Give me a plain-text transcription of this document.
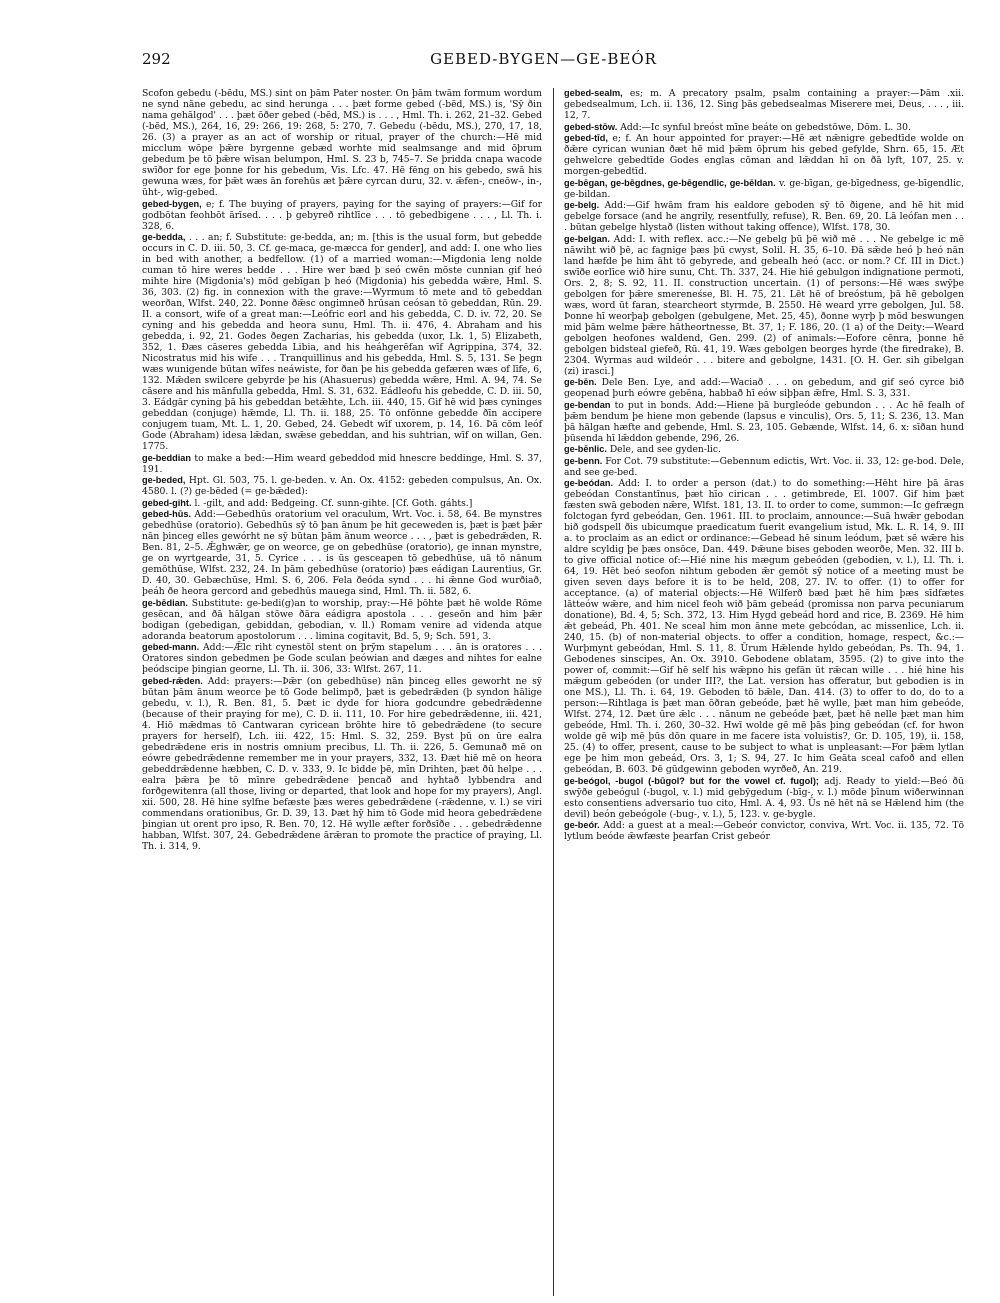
292	GEBED-BYGEN—GE-BEÓR

Scofon gebedu (-bēdu, MS.) sint on þām Pater noster. On þām twām formum wordum ne synd nāne gebedu, ac sind herunga . . . þæt forme gebed (-bēd, MS.) is, 'Sȳ ðin nama gehālgod' . . . þæt ōðer gebed (-bēd, MS.) is . . . , Hml. Th. i. 262, 21–32. Gebed (-bēd, MS.), 264, 16, 29: 266, 19: 268, 5: 270, 7. Gebedu (-bēdu, MS.), 270, 17, 18, 26. (3) a prayer as an act of worship or ritual, prayer of the church:—Hē mid micclum wōpe þǣre byrgenne gebæd worhte mid sealmsange and mid ōþrum gebedum þe tō þǣre wīsan belumpon, Hml. S. 23 b, 745–7. Se þridda cnapa wacode swīðor for ege þonne for his gebedum, Vis. Lfc. 47. Hē fēng on his gebedo, swā his gewuna wæs, for þǣt wæs ān forehūs æt þǣre cyrcan duru, 32. v. ǣfen-, cneōw-, in-, ūht-, wīg-gebed.

gebed-bygen, e; f. The buying of prayers, paying for the saying of prayers:—Gif for godbōtan feohbōt ārīsed. . . . þ gebyreð rihtlīce . . . tō gebedbigene . . . , Ll. Th. i. 328, 6.

ge-bedda, . . . an; f. Substitute: ge-bedda, an; m. [this is the usual form, but gebedde occurs in C. D. iii. 50, 3. Cf. ge-maca, ge-mæcca for gender], and add: I. one who lies in bed with another, a bedfellow. (1) of a married woman:—Migdonia leng nolde cuman tō hire weres bedde . . . Hire wer bæd þ seó cwēn mōste cunnian gif heó mihte hire (Migdonia's) mōd gebīgan þ heó (Migdonia) his gebedda wǣre, Hml. S. 36, 303. (2) fig. in connexion with the grave:—Wyrmum tō mete and tō gebeddan weorðan, Wlfst. 240, 22. Þonne ðǣsc ongimneð hrūsan ceósan tō gebeddan, Rūn. 29. II. a consort, wife of a great man:—Leófric eorl and his gebedda, C. D. iv. 72, 20. Se cyning and his gebedda and heora sunu, Hml. Th. ii. 476, 4. Abraham and his gebedda, i. 92, 21. Godes ðegen Zacharias, his gebedda (uxor, Lk. 1, 5) Elizabeth, 352, 1. Ðæs cāseres gebedda Libia, and his heáhgerēfan wīf Agrippina, 374, 32. Nicostratus mid his wife . . . Tranquillinus and his gebedda, Hml. S. 5, 131. Se þegn wæs wunigende būtan wīfes neáwiste, for ðan þe his gebedda gefæren wæs of līfe, 6, 132. Mǣden swilcere gebyrde þe his (Ahasuerus) gebedda wǣre, Hml. A. 94, 74. Se cāsere and his mānfulla gebedda, Hml. S. 31, 632. Eádleofu his gebedde, C. D. iii. 50, 3. Eádgār cyning þā his gebeddan betǣhte, Lch. iii. 440, 15. Gif hē wid þæs cyninges gebeddan (conjuge) hǣmde, Ll. Th. ii. 188, 25. Tō onfōnne gebedde ðīn accipere conjugem tuam, Mt. L. 1, 20. Gebed, 24. Gebedt wīf uxorem, p. 14, 16. Þā cōm leóf Gode (Abraham) idesa lǣdan, swǣse gebeddan, and his suhtrian, wīf on willan, Gen. 1775.

ge-beddian to make a bed:—Him weard gebeddod mid hnescre beddinge, Hml. S. 37, 191.

ge-beded, Hpt. Gl. 503, 75. l. ge-beden. v. An. Ox. 4152: gebeden compulsus, An. Ox. 4580. l. (?) ge-bēded (= ge-bǣded):

gebed-giht. l. -gilt, and add: Bedgeing. Cf. sunn-gihte. [Cf. Goth. gáhts.]

gebed-hūs. Add:—Gebedhūs oratorium vel oraculum, Wrt. Voc. i. 58, 64. Be mynstres gebedhūse (oratorio). Gebedhūs sȳ tō þan ānum þe hit geceweden is, þæt is þæt þǣr nān þinceg elles gewórht ne sȳ būtan þām ānum weorce . . . , þæt is gebedrǣden, R. Ben. 81, 2–5. Ǣghwǣr, ge on weorce, ge on gebedhūse (oratorio), ge innan mynstre, ge on wyrtgearde, 31, 5. Cyrice . . . is ūs gesceapen tō gebedhūse, uā tō nānum gemōthūse, Wlfst. 232, 24. In þām gebedhūse (oratorio) þæs eádigan Laurentius, Gr. D. 40, 30. Gebæchūse, Hml. S. 6, 206. Fela ðeóda synd . . . hi ǣnne God wurðiað, þeáh ðe heora gercord and gebedhūs mauega sind, Hml. Th. ii. 582, 6.

ge-bēdian. Substitute: ge-bedi(g)an to worship, pray:—Hē þōhte þæt hē wolde Rōme gesēcan, and ðā hālgan stōwe ðāra eádigra apostola . . . geseōn and him þǣr bodigan (gebedigan, gebiddan, gebodian, v. ll.) Romam venire ad videnda atque adoranda beatorum apostolorum . . . limina cogitavit, Bd. 5, 9; Sch. 591, 3.

gebed-mann. Add:—Ǣlc riht cynestōl stent on þrȳm stapelum . . . ān is oratores . . . Oratores sindon gebedmen þe Gode sculan þeówian and dæges and nihtes for ealne þeódscipe þingian georne, Ll. Th. ii. 306, 33: Wlfst. 267, 11.

gebed-rǣden. Add: prayers:—Þǣr (on gebedhūse) nān þinceg elles geworht ne sȳ būtan þām ānum weorce þe tō Gode belimpð, þæt is gebedrǣden (þ syndon hālige gebedu, v. l.), R. Ben. 81, 5. Þæt ic dyde for hiora godcundre gebedrǣdenne (because of their praying for me), C. D. ii. 111, 10. For hire gebedrǣdenne, iii. 421, 4. Hiō mǣdmas tō Cantwaran cyricean brōhte hire tō gebedrǣdene (to secure prayers for herself), Lch. iii. 422, 15: Hml. S. 32, 259. Byst þū on ūre ealra gebedrǣdene eris in nostris omnium precibus, Ll. Th. ii. 226, 5. Gemunað mē on eówre gebedrǣdenne remember me in your prayers, 332, 13. Ðæt hiē mē on heora gebeddrǣdenne hæbben, C. D. v. 333, 9. Ic bidde þē, mīn Drihten, þæt ðū helpe . . . ealra þǣra þe tō mīnre gebedrǣdene þencað and hyhtað lybbendra and forðgewitenra (all those, living or departed, that look and hope for my prayers), Angl. xii. 500, 28. Hē hine sylfne befæste þæs weres gebedrǣdene (-rǣdenne, v. l.) se viri commendans orationibus, Gr. D. 39, 13. Þæt hȳ him tō Gode mid heora gebedrǣdene þingian ut orent pro ipso, R. Ben. 70, 12. Hē wylle æfter forðsīðe . . . gebedrǣdenne habban, Wlfst. 307, 24. Gebedrǣdene ārǣran to promote the practice of praying, Ll. Th. i. 314, 9.

gebed-sealm, es; m. A precatory psalm, psalm containing a prayer:—Þām .xii. gebedsealmum, Lch. ii. 136, 12. Sing þās gebedsealmas Miserere mei, Deus, . . . , iii. 12, 7.

gebed-stōw. Add:—Ic synful breóst mīne beáte on gebedstōwe, Dōm. L. 30.

gebed-tīd, e; f. An hour appointed for prayer:—Hē æt nǣnigre gebedtīde wolde on ðǣre cyrican wunian ðæt hē mid þǣm ōþrum his gebed gefylde, Shrn. 65, 15. Æt gehwelcre gebedtīde Godes englas cōman and lǣddan hī on ðā lyft, 107, 25. v. morgen-gebedtīd.

ge-bēgan, ge-bēgdnes, ge-bēgendlic, ge-bēldan. v. ge-bīgan, ge-bīgedness, ge-bīgendlic, ge-bildan.

ge-belg. Add:—Gif hwām fram his ealdore geboden sȳ tō ðigene, and hē hit mid gebelge forsace (and he angrily, resentfully, refuse), R. Ben. 69, 20. Lā leófan men . . . būtan gebelge hlystað (listen without taking offence), Wlfst. 178, 30.

ge-belgan. Add: I. with reflex. acc.:—Ne gebelg þū þē wið mē . . . Ne gebelge ic mē nāwiht wið þē, ac fagnige þæs þū cwyst, Solil. H. 35, 6–10. Ðā sǣde heó þ heó nān land hæfde þe him āht tō gebyrede, and gebealh heó (acc. or nom.? Cf. III in Dict.) swīðe eorlīce wið hire sunu, Cht. Th. 337, 24. Hie hié gebulgon indignatione permoti, Ors. 2, 8; S. 92, 11. II. construction uncertain. (1) of persons:—Hē wæs swȳþe gebolgen for þǣre smereneśse, Bl. H. 75, 21. Lēt hē of breóstum, þā hē gebolgen wæs, word ūt faran, stearcheort styrmde, B. 2550. Hē weard yrre gebolgen, Jul. 58. Þonne hī weorþaþ gebolgen (gebulgene, Met. 25, 45), ðonne wyrþ þ mōd beswungen mid þām welme þǣre hātheortnesse, Bt. 37, 1; F. 186, 20. (1 a) of the Deity:—Weard gebolgen heofones waldend, Gen. 299. (2) of animals:—Eofore cēnra, þonne hē gebolgen bidsteal giefeð, Rū. 41, 19. Wæs gebolgen beorges hyrde (the firedrake), B. 2304. Wyrmas aud wildeór . . . bitere and gebolgne, 1431. [O. H. Ger. sih gibelgan (zi) irasci.]

ge-bēn. Dele Ben. Lye, and add:—Waciað . . . on gebedum, and gif seó cyrce bið geopenad þurh eówre gebēna, habbað hī eów siþþan ǣfre, Hml. S. 3, 331.

ge-bendan to put in bonds. Add:—Hiene þā burgleóde gebundon . . . Ac hē fealh of þǣm bendum þe hiene mon gebende (lapsus e vinculis), Ors. 5, 11; S. 236, 13. Man þā hālgan hæfte and gebende, Hml. S. 23, 105. Gebænde, Wlfst. 14, 6. x: sīðan hund þūsenda hī lǣddon gebende, 296, 26.

ge-bēnlic. Dele, and see gyden-lic.

ge-benn. For Cot. 79 substitute:—Gebennum edictis, Wrt. Voc. ii. 33, 12: ge-bod. Dele, and see ge-bed.

ge-beódan. Add: I. to order a person (dat.) to do something:—Hēht hire þā āras gebeódan Constantīnus, þæt hīo cirican . . . getimbrede, El. 1007. Gif him þæt fæsten swā geboden nǣre, Wlfst. 181, 13. II. to order to come, summon:—Ic gefrægn folctogan fyrd gebeódan, Gen. 1961. III. to proclaim, announce:—Suā hwǣr gebodan bið godspell ðis ubicumque praedicatum fuerit evangelium istud, Mk. L. R. 14, 9. III a. to proclaim as an edict or ordinance:—Gebead hē sinum leódum, þæt sē wǣre his aldre scyldig þe þæs onsōce, Dan. 449. Þǣune bises geboden weorðe, Men. 32. III b. to give official notice of:—Hié nine his mægum gebeóden (gebodien, v. l.), Ll. Th. i. 64, 19. Hēt beó seofon nihtum geboden ǣr gemōt sȳ notice of a meeting must be given seven days before it is to be held, 208, 27. IV. to offer. (1) to offer for acceptance. (a) of material objects:—Hē Wilferð bæd þæt hē him þæs sīdfætes lātteów wǣre, and him nicel feoh wið þām gebeád (promissa non parva pecuniarum donatione), Bd. 4, 5; Sch. 372, 13. Him Hygd gebeád hord and rice, B. 2369. Hē him ǣt gebeád, Ph. 401. Ne sceal him mon ānne mete gebcódan, ac missenlice, Lch. ii. 240, 15. (b) of non-material objects. to offer a condition, homage, respect, &c.:—Wurþmynt gebeódan, Hml. S. 11, 8. Ūrum Hǣlende hyldo gebeódan, Ps. Th. 94, 1. Gebodenes sinscipes, An. Ox. 3910. Gebodene oblatam, 3595. (2) to give into the power of, commit:—Gif hē self his wǣpno his gefān ūt rǣcan wille . . . hié hine his mǣgum gebeóden (or under III?, the Lat. version has offeratur, but gebodien is in one MS.), Ll. Th. i. 64, 19. Geboden tō bǣle, Dan. 414. (3) to offer to do, do to a person:—Rihtlaga is þæt man ōðran gebeóde, þæt hē wylle, þæt man him gebeóde, Wlfst. 274, 12. Þæt ūre ǣlc . . . nānum ne gebeóde þæt, þæt hē nelle þæt man him gebeóde, Hml. Th. i. 260, 30–32. Hwī wolde gē mē þās þing gebeódan (cf. for hwon wolde gē wiþ mē þūs dōn quare in me facere ista voluistis?, Gr. D. 105, 19), ii. 158, 25. (4) to offer, present, cause to be subject to what is unpleasant:—For þǣm lytlan ege þe him mon gebeád, Ors. 3, 1; S. 94, 27. Ic him Geāta sceal cafoð and ellen gebeódan, B. 603. Þē gūdgewinn geboden wyrðeð, An. 219.

ge-beógol, -bugol (-būgol? but for the vowel cf. fugol); adj. Ready to yield:—Beó ðū swȳðe gebeógul (-bugol, v. l.) mid gebȳgedum (-bīg-, v. l.) mōde þīnum wiðerwinnan esto consentiens adversario tuo cito, Hml. A. 4, 93. Ūs nē hēt nā se Hǣlend him (the devil) beón gebeógole (-bug-, v. l.), 5, 123. v. ge-bygle.

ge-beór. Add: a guest at a meal:—Gebeór convictor, conviva, Wrt. Voc. ii. 135, 72. Tō lytlum beóde ǣwfæste þearfan Crist gebeór
